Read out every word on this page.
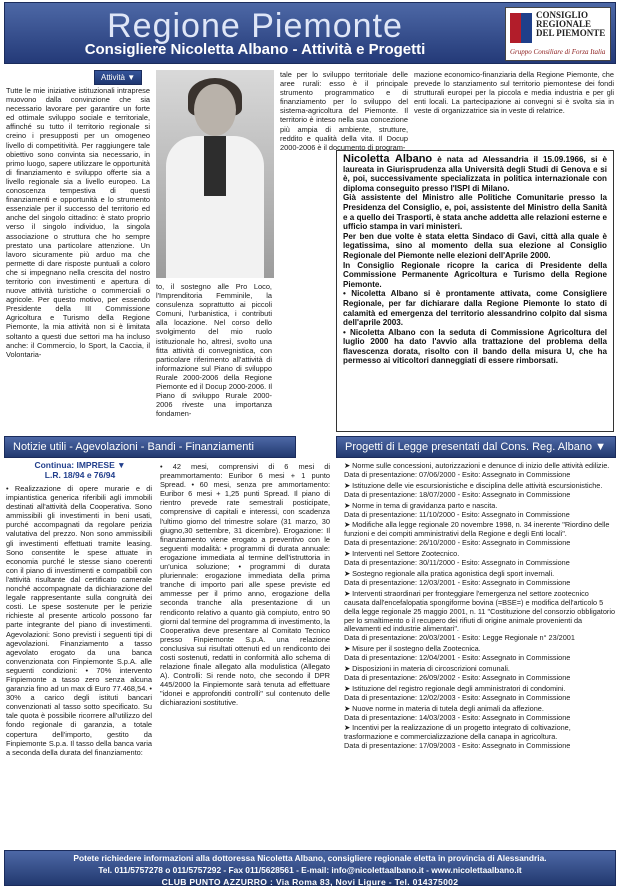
Regione Piemonte
Consigliere Nicoletta Albano - Attività e Progetti
CONSIGLIO REGIONALE DEL PIEMONTE
Gruppo Consiliare di Forza Italia
Attività ▼
Tutte le mie iniziative istituzionali intraprese muovono dalla convinzione che sia necessario lavorare per garantire un forte ed ottimale sviluppo sociale e territoriale, affinché su tutto il territorio regionale si creino i presupposti per un omogeneo livello di competitività. Per raggiungere tale obiettivo sono convinta sia necessario, in primo luogo, sapere utilizzare le opportunità di finanziamento e sviluppo offerte sia a livello regionale sia a livello europeo. La conoscenza tempestiva di questi finanziamenti e opportunità e lo strumento essenziale per il successo del territorio ed anche del singolo cittadino: è stato proprio verso il singolo individuo, la singola associazione o struttura che ho sempre prestato una particolare attenzione. Un lavoro sicuramente più arduo ma che permette di dare risposte puntuali a coloro che si impegnano nella crescita del nostro territorio con investimenti e apertura di nuove attività turistiche o commerciali o agricole. Per questo motivo, per essendo Presidente della III Commissione Agricoltura e Turismo della Regione Piemonte, la mia attività non si è limitata soltanto a questi due settori ma ha incluso anche: il Commercio, lo Sport, la Caccia, il Volontaria-
to, il sostegno alle Pro Loco, l'Imprenditoria Femminile, la consulenza soprattutto ai piccoli Comuni, l'urbanistica, i contributi alla locazione. Nel corso dello svolgimento del mio ruolo istituzionale ho, altresì, svolto una fitta attività di convegnistica, con particolare riferimento all'attività di informazione sul Piano di sviluppo Rurale 2000-2006 della Regione Piemonte ed il Docup 2000-2006. Il Piano di sviluppo Rurale 2000-2006 riveste una importanza fondamen-
tale per lo sviluppo territoriale delle aree rurali: esso è il principale strumento programmatico e di finanziamento per lo sviluppo del sistema-agricoltura del Piemonte. Il territorio è inteso nella sua concezione più ampia di ambiente, strutture, reddito e qualità della vita. Il Docup 2000-2006 è il documento di program-
mazione economico-finanziaria della Regione Piemonte, che prevede lo stanziamento sul territorio piemontese dei fondi strutturali europei per la piccola e media industria e per gli enti locali. La partecipazione ai convegni si è svolta sia in veste di organizzatrice sia in veste di relatrice.

Nicoletta Albano è nata ad Alessandria il 15.09.1966, si è laureata in Giurisprudenza alla Università degli Studi di Genova e si è, poi, successivamente specializzata in politica internazionale con diploma conseguito presso l'ISPI di Milano.

Già assistente del Ministro alle Politiche Comunitarie presso la Presidenza del Consiglio, e, poi, assistente del Ministro della Sanità e a quello dei Trasporti, è stata anche addetta alle relazioni esterne e ufficio stampa in vari ministeri.

Per ben due volte è stata eletta Sindaco di Gavi, città alla quale è legatissima, sino al momento della sua elezione al Consiglio Regionale del Piemonte nelle elezioni dell'Aprile 2000.

In Consiglio Regionale ricopre la carica di Presidente della Commissione Permanente Agricoltura e Turismo della Regione Piemonte.

• Nicoletta Albano si è prontamente attivata, come Consigliere Regionale, per far dichiarare dalla Regione Piemonte lo stato di calamità ed emergenza del territorio alessandrino colpito dal sisma dell'aprile 2003.

• Nicoletta Albano con la seduta di Commissione Agricoltura del luglio 2000 ha dato l'avvio alla trattazione del problema della flavescenza dorata, risolto con il bando della misura U, che ha permesso ai viticoltori danneggiati di essere rimborsati.

Notizie utili - Agevolazioni - Bandi - Finanziamenti	Progetti di Legge presentati dal Cons. Reg. Albano ▼
Continua: IMPRESE ▼
L.R. 18/94 e 76/94
• Realizzazione di opere murarie e di impiantistica generica riferibili agli immobili destinati all'attività della Cooperativa. Sono ammissibili gli investimenti in beni usati, purché accompagnati da regolare perizia valutativa del prezzo. Non sono ammissibili gli investimenti effettuati tramite leasing. Sono consentite le spese attuate in economia purché le stesse siano coerenti con il piano di investimenti e compatibili con l'attività risultante dal certificato camerale nonché accompagnate da dichiarazione del legale rappresentante sulla congruità dei costi. Le spese sostenute per le perizie richieste al presente articolo possono far parte integrante del piano di investimenti. Agevolazioni: Sono previsti i seguenti tipi di agevolazioni. Finanziamento a tasso agevolato erogato da una banca convenzionata con Finpiemonte S.p.A. alle seguenti condizioni: • 70% intervento Finpiemonte a tasso zero senza alcuna garanzia fino ad un max di Euro 77.468,54. • 30% a carico degli istituti bancari convenzionati al tasso sotto specificato. Su tale quota è possibile ricorrere all'utilizzo del fondo regionale di garanzia, a totale copertura dell'importo, gestito da Finpiemonte S.p.a. Il tasso della banca varia a seconda della durata del finanziamento:
• 42 mesi, comprensivi di 6 mesi di preammortamento: Euribor 6 mesi + 1 punto Spread. • 60 mesi, senza pre ammortamento: Euribor 6 mesi + 1,25 punti Spread. Il piano di rientro prevede rate semestrali posticipate, comprensive di capitali e interessi, con scadenza l'ultimo giorno del trimestre solare (31 marzo, 30 giugno,30 settembre, 31 dicembre). Erogazione: Il finanziamento viene erogato a preventivo con le seguenti modalità: • programmi di durata annuale: erogazione immediata al termine dell'istruttoria in un'unica soluzione; • programmi di durata pluriennale: erogazione immediata della prima tranche di importo pari alle spese previste ed ammesse per il primo anno, erogazione della seconda tranche alla presentazione di un rendiconto relativo a quanto già compiuto, entro 90 giorni dal termine del programma di investimento, la Cooperativa deve presentare al Comitato Tecnico presso Finpiemonte S.p.A. una relazione conclusiva sui risultati ottenuti ed un rendiconto dei costi sostenuti, redatti in conformità allo schema di relazione finale allegato alla modulistica (Allegato A). Controlli: Si rende noto, che secondo il DPR 445/2000 la Finpiemonte sarà tenuta ad effettuare "idonei e approfonditi controlli" sul contenuto delle dichiarazioni sostitutive.
➤ Norme sulle concessioni, autorizzazioni e denunce di inizio delle attività edilizie.
Data di presentazione: 07/06/2000 - Esito: Assegnato in Commissione
➤ Istituzione delle vie escursionistiche e disciplina delle attività escursionistiche.
Data di presentazione: 18/07/2000 - Esito: Assegnato in Commissione
➤ Norme in tema di gravidanza parto e nascita.
Data di presentazione: 11/10/2000 - Esito: Assegnato in Commissione
➤ Modifiche alla legge regionale 20 novembre 1998, n. 34 inerente "Riordino delle funzioni e dei compiti amministrativi della Regione e degli Enti locali".
Data di presentazione: 26/10/2000 - Esito: Assegnato in Commissione
➤ Interventi nel Settore Zootecnico.
Data di presentazione: 30/11/2000 - Esito: Assegnato in Commissione
➤ Sostegno regionale alla pratica agonistica degli sport invernali.
Data di presentazione: 12/03/2001 - Esito: Assegnato in Commissione
➤ Interventi straordinari per fronteggiare l'emergenza nel settore zootecnico causata dall'encefalopatia spongiforme bovina (=BSE=) e modifica dell'articolo 5 della legge regionale 25 maggio 2001, n. 11 "Costituzione del consorzio obbligatorio per lo smaltimento o il recupero dei rifiuti di origine animale provenienti da allevamenti ed industrie alimentari".
Data di presentazione: 20/03/2001 - Esito: Legge Regionale n° 23/2001
➤ Misure per il sostegno della Zootecnica.
Data di presentazione: 12/04/2001 - Esito: Assegnato in Commissione
➤ Disposizioni in materia di circoscrizioni comunali.
Data di presentazione: 26/09/2002 - Esito: Assegnato in Commissione
➤ Istituzione del registro regionale degli amministratori di condomini.
Data di presentazione: 12/02/2003 - Esito: Assegnato in Commissione
➤ Nuove norme in materia di tutela degli animali da affezione.
Data di presentazione: 14/03/2003 - Esito: Assegnato in Commissione
➤ Incentivi per la realizzazione di un progetto integrato di coltivazione, trasformazione e commercializzazione della canapa in agricoltura.
Data di presentazione: 17/09/2003 - Esito: Assegnato in Commissione
Potete richiedere informazioni alla dottoressa Nicoletta Albano, consigliere regionale eletta in provincia di Alessandria.
Tel. 011/5757278 o 011/5757292 - Fax 011/5628561 - E-mail: info@nicolettaalbano.it - www.nicolettaalbano.it
CLUB PUNTO AZZURRO : Via Roma 83, Novi Ligure - Tel. 014375002
